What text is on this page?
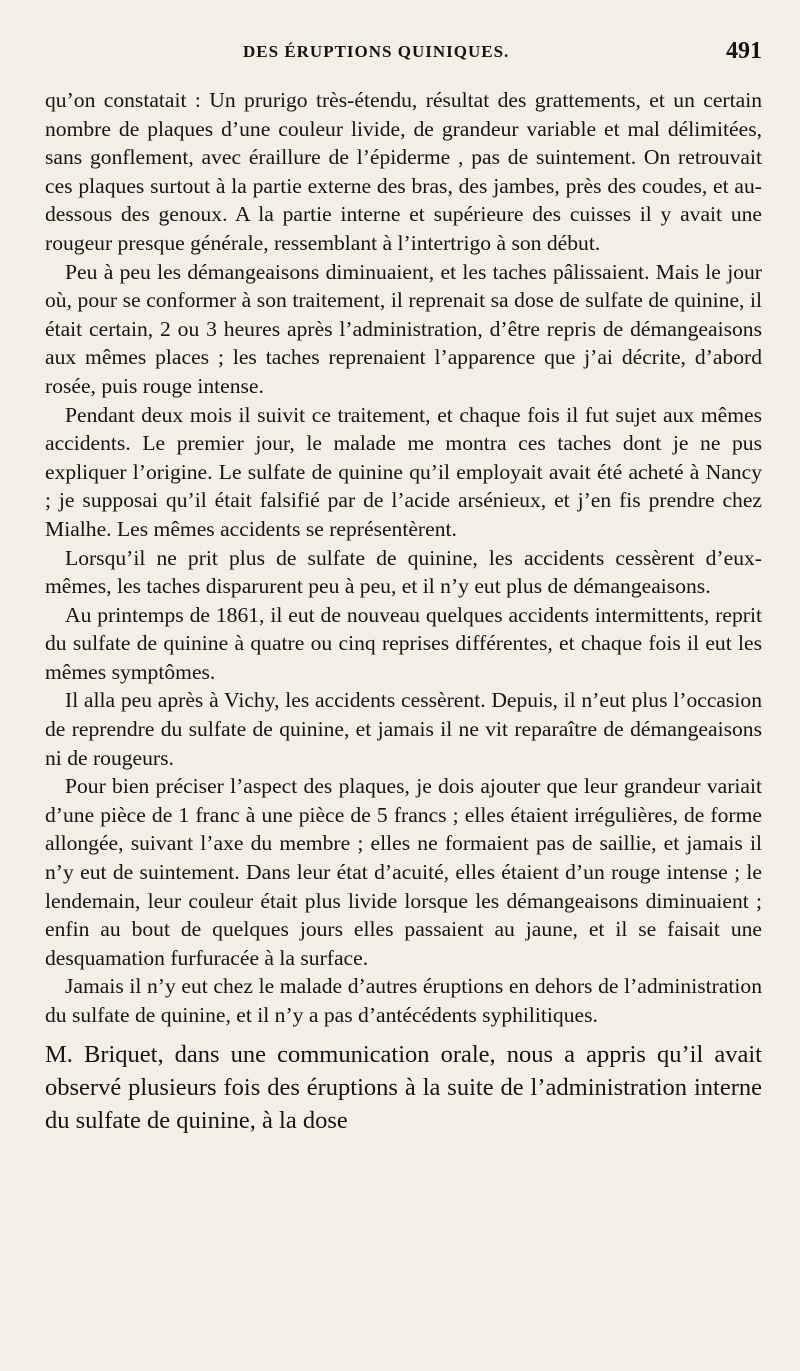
DES ÉRUPTIONS QUINIQUES.	491

qu’on constatait : Un prurigo très-étendu, résultat des grattements, et un certain nombre de plaques d’une couleur livide, de grandeur variable et mal délimitées, sans gonflement, avec éraillure de l’épiderme , pas de suintement. On retrouvait ces plaques surtout à la partie externe des bras, des jambes, près des coudes, et au-dessous des genoux. A la partie interne et supérieure des cuisses il y avait une rougeur presque générale, ressemblant à l’intertrigo à son début.

Peu à peu les démangeaisons diminuaient, et les taches pâlissaient. Mais le jour où, pour se conformer à son traitement, il reprenait sa dose de sulfate de quinine, il était certain, 2 ou 3 heures après l’administration, d’être repris de démangeaisons aux mêmes places ; les taches reprenaient l’apparence que j’ai décrite, d’abord rosée, puis rouge intense.

Pendant deux mois il suivit ce traitement, et chaque fois il fut sujet aux mêmes accidents. Le premier jour, le malade me montra ces taches dont je ne pus expliquer l’origine. Le sulfate de quinine qu’il employait avait été acheté à Nancy ; je supposai qu’il était falsifié par de l’acide arsénieux, et j’en fis prendre chez Mialhe. Les mêmes accidents se représentèrent.

Lorsqu’il ne prit plus de sulfate de quinine, les accidents cessèrent d’eux-mêmes, les taches disparurent peu à peu, et il n’y eut plus de démangeaisons.

Au printemps de 1861, il eut de nouveau quelques accidents intermittents, reprit du sulfate de quinine à quatre ou cinq reprises différentes, et chaque fois il eut les mêmes symptômes.

Il alla peu après à Vichy, les accidents cessèrent. Depuis, il n’eut plus l’occasion de reprendre du sulfate de quinine, et jamais il ne vit reparaître de démangeaisons ni de rougeurs.

Pour bien préciser l’aspect des plaques, je dois ajouter que leur grandeur variait d’une pièce de 1 franc à une pièce de 5 francs ; elles étaient irrégulières, de forme allongée, suivant l’axe du membre ; elles ne formaient pas de saillie, et jamais il n’y eut de suintement. Dans leur état d’acuité, elles étaient d’un rouge intense ; le lendemain, leur couleur était plus livide lorsque les démangeaisons diminuaient ; enfin au bout de quelques jours elles passaient au jaune, et il se faisait une desquamation furfuracée à la surface.

Jamais il n’y eut chez le malade d’autres éruptions en dehors de l’administration du sulfate de quinine, et il n’y a pas d’antécédents syphilitiques.

M. Briquet, dans une communication orale, nous a appris qu’il avait observé plusieurs fois des éruptions à la suite de l’administration interne du sulfate de quinine, à la dose
